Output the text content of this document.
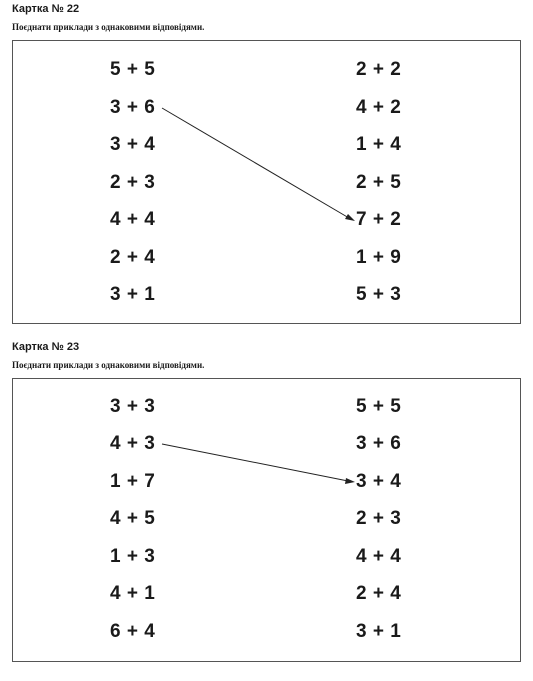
Картка № 22
Поєднати приклади з однаковими відповідями.
5 + 5
3 + 6
3 + 4
2 + 3
4 + 4
2 + 4
3 + 1
2 + 2
4 + 2
1 + 4
2 + 5
7 + 2
1 + 9
5 + 3
Картка № 23
Поєднати приклади з однаковими відповідями.
3 + 3
4 + 3
1 + 7
4 + 5
1 + 3
4 + 1
6 + 4
5 + 5
3 + 6
3 + 4
2 + 3
4 + 4
2 + 4
3 + 1
